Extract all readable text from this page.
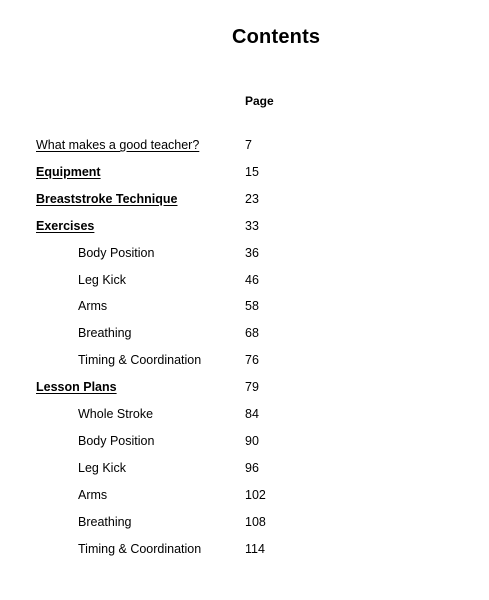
Contents
Page
What makes a good teacher?	7
Equipment	15
Breaststroke Technique	23
Exercises	33
Body Position	36
Leg Kick	46
Arms	58
Breathing	68
Timing & Coordination	76
Lesson Plans	79
Whole Stroke	84
Body Position	90
Leg Kick	96
Arms	102
Breathing	108
Timing & Coordination	114
